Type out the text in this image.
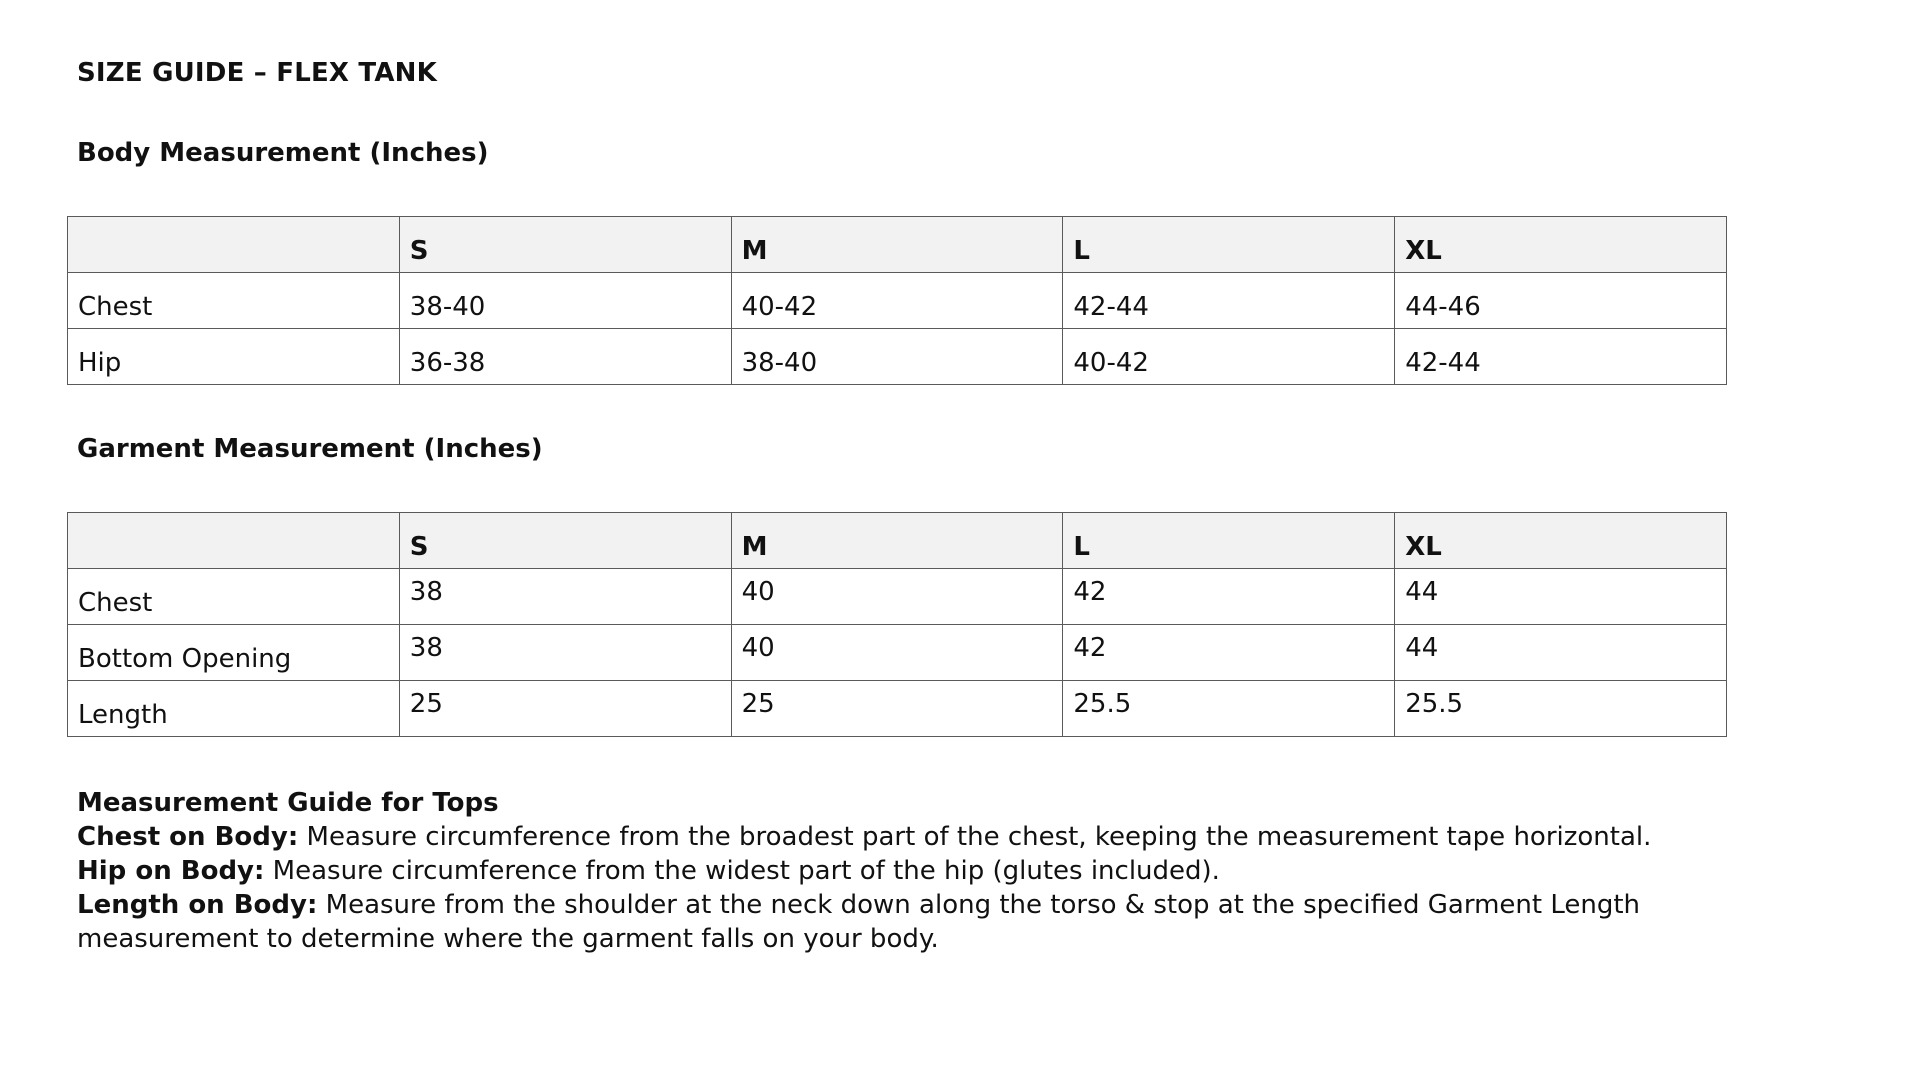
SIZE GUIDE – FLEX TANK
Body Measurement (Inches)
	S	M	L	XL
Chest	38-40	40-42	42-44	44-46
Hip	36-38	38-40	40-42	42-44
Garment Measurement (Inches)
	S	M	L	XL
Chest	38	40	42	44
Bottom Opening	38	40	42	44
Length	25	25	25.5	25.5
Measurement Guide for Tops
Chest on Body: Measure circumference from the broadest part of the chest, keeping the measurement tape horizontal.
Hip on Body: Measure circumference from the widest part of the hip (glutes included).
Length on Body: Measure from the shoulder at the neck down along the torso & stop at the specified Garment Length measurement to determine where the garment falls on your body.
